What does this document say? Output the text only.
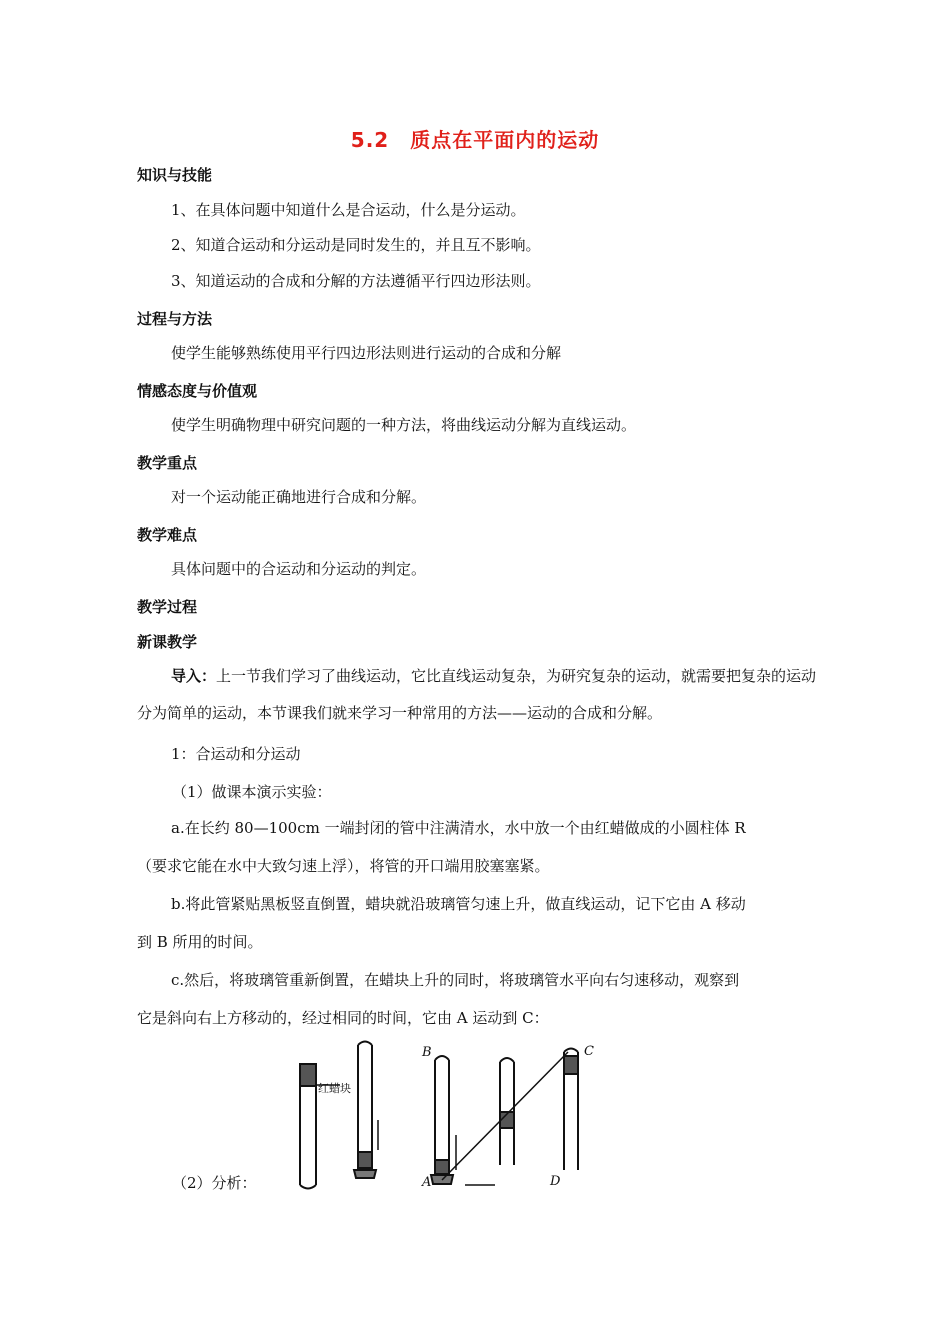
5.2　质点在平面内的运动
知识与技能
1、在具体问题中知道什么是合运动，什么是分运动。
2、知道合运动和分运动是同时发生的，并且互不影响。
3、知道运动的合成和分解的方法遵循平行四边形法则。
过程与方法
使学生能够熟练使用平行四边形法则进行运动的合成和分解
情感态度与价值观
使学生明确物理中研究问题的一种方法，将曲线运动分解为直线运动。
教学重点
对一个运动能正确地进行合成和分解。
教学难点
具体问题中的合运动和分运动的判定。
教学过程
新课教学
导入：上一节我们学习了曲线运动，它比直线运动复杂，为研究复杂的运动，就需要把复杂的运动分为简单的运动，本节课我们就来学习一种常用的方法——运动的合成和分解。
1：合运动和分运动
（1）做课本演示实验：
a.在长约 80—100cm 一端封闭的管中注满清水，水中放一个由红蜡做成的小圆柱体 R
（要求它能在水中大致匀速上浮），将管的开口端用胶塞塞紧。
b.将此管紧贴黑板竖直倒置，蜡块就沿玻璃管匀速上升，做直线运动，记下它由 A 移动
到 B 所用的时间。
c.然后，将玻璃管重新倒置，在蜡块上升的同时，将玻璃管水平向右匀速移动，观察到
它是斜向右上方移动的，经过相同的时间，它由 A 运动到 C：
红蜡块
B
A
C
D
（2）分析：
